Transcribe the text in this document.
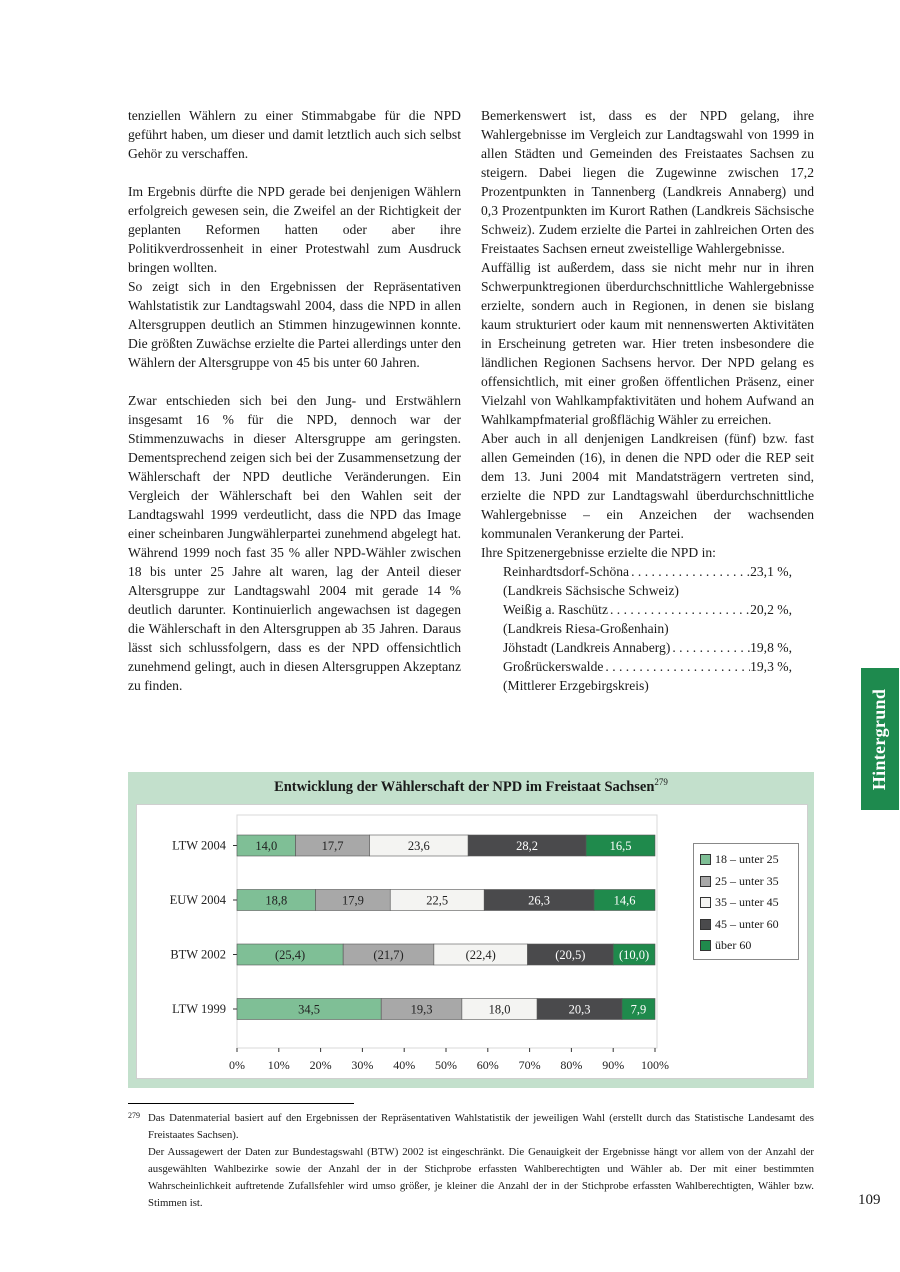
tenziellen Wählern zu einer Stimmabgabe für die NPD geführt haben, um dieser und damit letztlich auch sich selbst Gehör zu verschaffen.

Im Ergebnis dürfte die NPD gerade bei denjenigen Wählern erfolgreich gewesen sein, die Zweifel an der Richtigkeit der geplanten Reformen hatten oder aber ihre Politikverdrossenheit in einer Protestwahl zum Ausdruck bringen wollten.

So zeigt sich in den Ergebnissen der Repräsentativen Wahlstatistik zur Landtagswahl 2004, dass die NPD in allen Altersgruppen deutlich an Stimmen hinzugewinnen konnte. Die größten Zuwächse erzielte die Partei allerdings unter den Wählern der Altersgruppe von 45 bis unter 60 Jahren.

Zwar entschieden sich bei den Jung- und Erstwählern insgesamt 16 % für die NPD, dennoch war der Stimmenzuwachs in dieser Altersgruppe am geringsten. Dementsprechend zeigen sich bei der Zusammensetzung der Wählerschaft der NPD deutliche Veränderungen. Ein Vergleich der Wählerschaft bei den Wahlen seit der Landtagswahl 1999 verdeutlicht, dass die NPD das Image einer scheinbaren Jungwählerpartei zunehmend abgelegt hat. Während 1999 noch fast 35 % aller NPD-Wähler zwischen 18 bis unter 25 Jahre alt waren, lag der Anteil dieser Altersgruppe zur Landtagswahl 2004 mit gerade 14 % deutlich darunter. Kontinuierlich angewachsen ist dagegen die Wählerschaft in den Altersgruppen ab 35 Jahren. Daraus lässt sich schlussfolgern, dass es der NPD offensichtlich zunehmend gelingt, auch in diesen Altersgruppen Akzeptanz zu finden.

Bemerkenswert ist, dass es der NPD gelang, ihre Wahlergebnisse im Vergleich zur Landtagswahl von 1999 in allen Städten und Gemeinden des Freistaates Sachsen zu steigern. Dabei liegen die Zugewinne zwischen 17,2 Prozentpunkten in Tannenberg (Landkreis Annaberg) und 0,3 Prozentpunkten im Kurort Rathen (Landkreis Sächsische Schweiz). Zudem erzielte die Partei in zahlreichen Orten des Freistaates Sachsen erneut zweistellige Wahlergebnisse.

Auffällig ist außerdem, dass sie nicht mehr nur in ihren Schwerpunktregionen überdurchschnittliche Wahlergebnisse erzielte, sondern auch in Regionen, in denen sie bislang kaum strukturiert oder kaum mit nennenswerten Aktivitäten in Erscheinung getreten war. Hier treten insbesondere die ländlichen Regionen Sachsens hervor. Der NPD gelang es offensichtlich, mit einer großen öffentlichen Präsenz, einer Vielzahl von Wahlkampfaktivitäten und hohem Aufwand an Wahlkampfmaterial großflächig Wähler zu erreichen.

Aber auch in all denjenigen Landkreisen (fünf) bzw. fast allen Gemeinden (16), in denen die NPD oder die REP seit dem 13. Juni 2004 mit Mandatsträgern vertreten sind, erzielte die NPD zur Landtagswahl überdurchschnittliche Wahlergebnisse – ein Anzeichen der wachsenden kommunalen Verankerung der Partei.

Ihre Spitzenergebnisse erzielte die NPD in:

Reinhardtsdorf-Schöna . . .	23,1 %,
(Landkreis Sächsische Schweiz)
Weißig a. Raschütz . . .	20,2 %,
(Landkreis Riesa-Großenhain)
Jöhstadt (Landkreis Annaberg) . . .	19,8 %,
Großrückerswalde . . .	19,3 %,
(Mittlerer Erzgebirgskreis)
Hintergrund
Entwicklung der Wählerschaft der NPD im Freistaat Sachsen$^{279}$
0% 10% 20% 30% 40% 50% 60% 70% 80% 90% 100%
LTW 2004 14,0	17,7	23,6	28,2	16,5
EUW 2004	18,8	17,9	22,5	26,3	14,6
BTW 2002	(25,4)	(21,7)	(22,4)	(20,5)	(10,0)
LTW 1999	34,5	19,3	18,0	20,3	7,9
18 – unter 25
25 – unter 35
35 – unter 45
45 – unter 60
über 60
279 Das Datenmaterial basiert auf den Ergebnissen der Repräsentativen Wahlstatistik der jeweiligen Wahl (erstellt durch das Statistische Landesamt des Freistaates Sachsen).

Der Aussagewert der Daten zur Bundestagswahl (BTW) 2002 ist eingeschränkt. Die Genauigkeit der Ergebnisse hängt vor allem von der Anzahl der ausgewählten Wahlbezirke sowie der Anzahl der in der Stichprobe erfassten Wahlberechtigten und Wähler ab. Der mit einer bestimmten Wahrscheinlichkeit auftretende Zufallsfehler wird umso größer, je kleiner die Anzahl der in der Stichprobe erfassten Wahlberechtigten, Wähler bzw. Stimmen ist.	109
